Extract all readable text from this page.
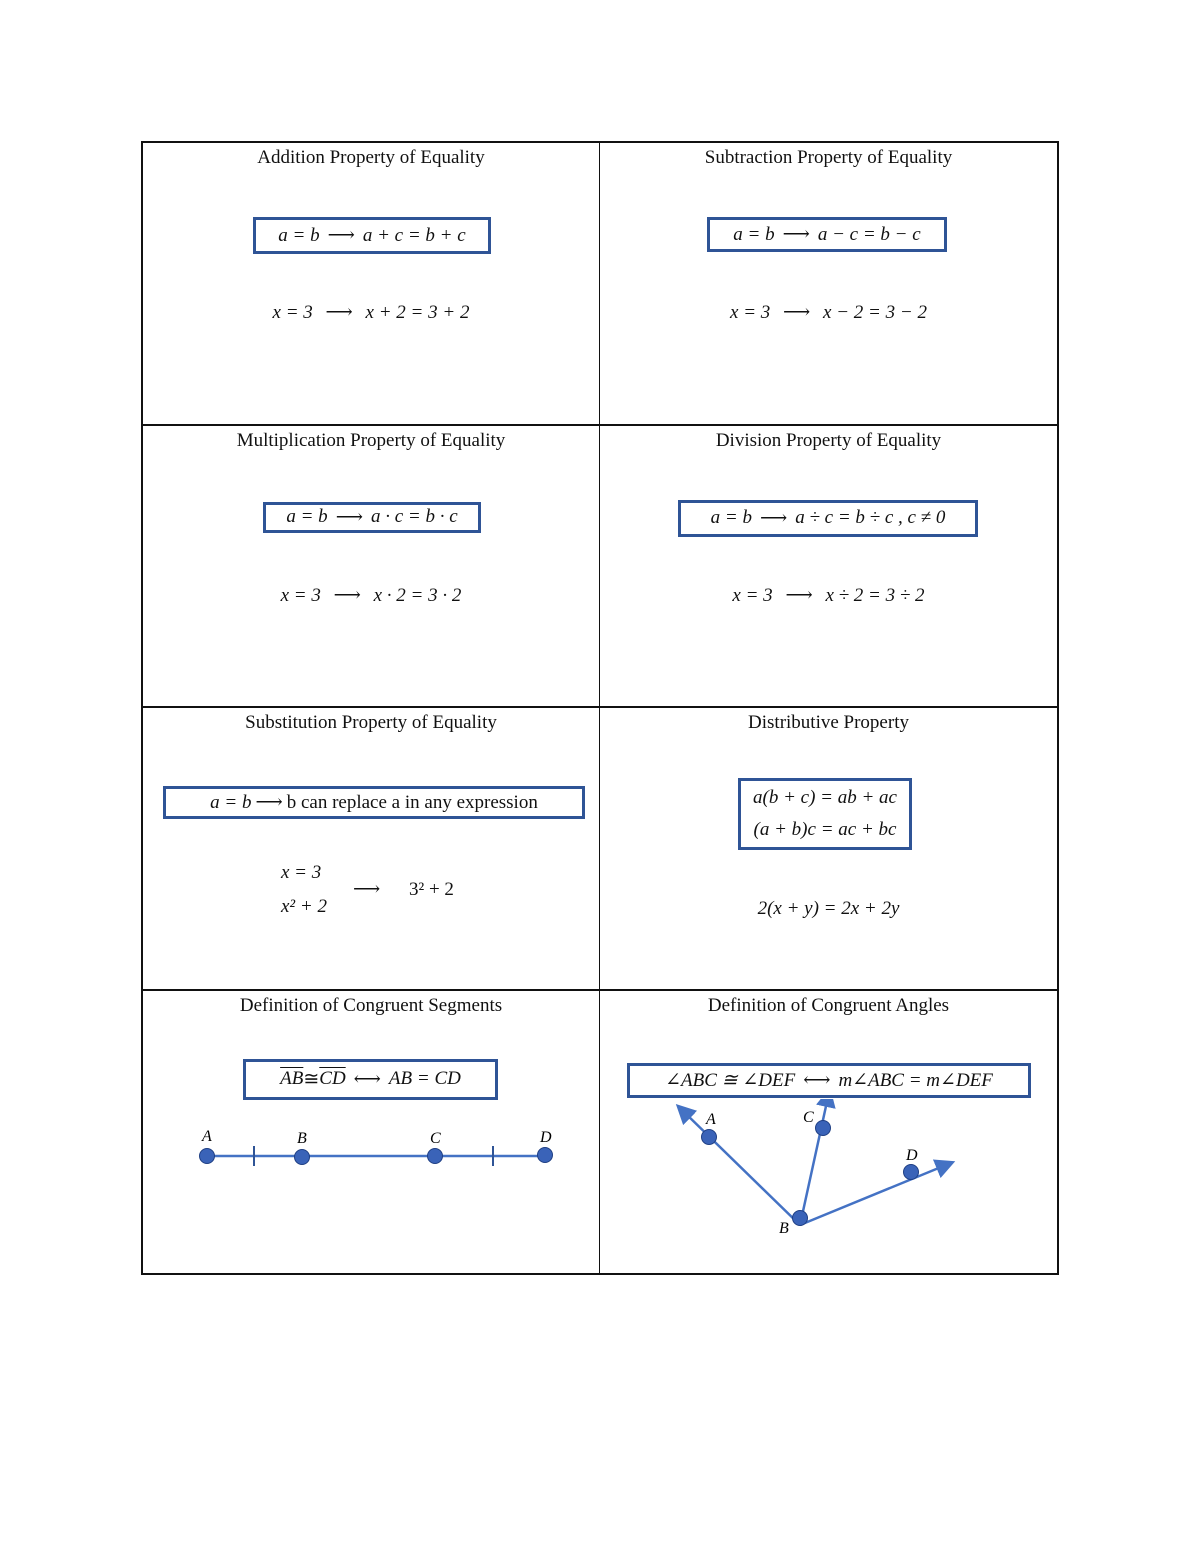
Addition Property of Equality
a = b ⟶ a + c = b + c
x = 3 ⟶ x + 2 = 3 + 2
Subtraction Property of Equality
a = b ⟶ a − c = b − c
x = 3 ⟶ x − 2 = 3 − 2
Multiplication Property of Equality
a = b ⟶ a · c = b · c
x = 3 ⟶ x · 2 = 3 · 2
Division Property of Equality
a = b ⟶ a ÷ c = b ÷ c , c ≠ 0
x = 3 ⟶ x ÷ 2 = 3 ÷ 2
Substitution Property of Equality
a = b ⟶ b can replace a in any expression
x = 3
x² + 2
⟶ 3² + 2
Distributive Property
a(b + c) = ab + ac
(a + b)c = ac + bc
2(x + y) = 2x + 2y
Definition of Congruent Segments
$\overline{AB}$ ≅ $\overline{CD}$ ⟷ AB = CD
A	B	C	D
Definition of Congruent Angles
∠ABC ≅ ∠DEF ⟷ m∠ABC = m∠DEF
A	C
D
B
